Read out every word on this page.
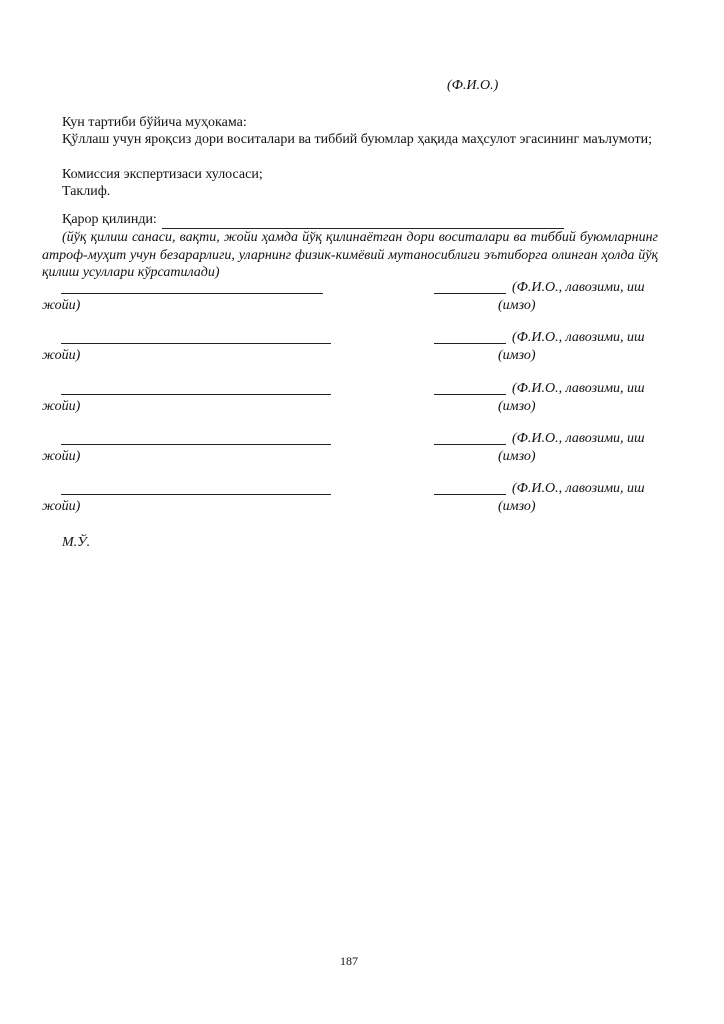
(Ф.И.О.)
Кун тартиби бўйича муҳокама:
Қўллаш учун яроқсиз дори воситалари ва тиббий буюмлар ҳақида маҳсулот эгасининг маълумоти;
Комиссия экспертизаси хулосаси;
Таклиф.
Қарор қилинди:
(йўқ қилиш санаси, вақти, жойи ҳамда йўқ қилинаётган дори воситалари ва тиббий буюмларнинг атроф-муҳит учун безарарлиги, уларнинг физик-кимёвий мутаносиблиги эътиборга олинган ҳолда йўқ қилиш усуллари кўрсатилади)
(Ф.И.О., лавозими, иш
жойи)	(имзо)
(Ф.И.О., лавозими, иш
жойи)	(имзо)
(Ф.И.О., лавозими, иш
жойи)	(имзо)
(Ф.И.О., лавозими, иш
жойи)	(имзо)
(Ф.И.О., лавозими, иш
жойи)	(имзо)
М.Ў.
187
